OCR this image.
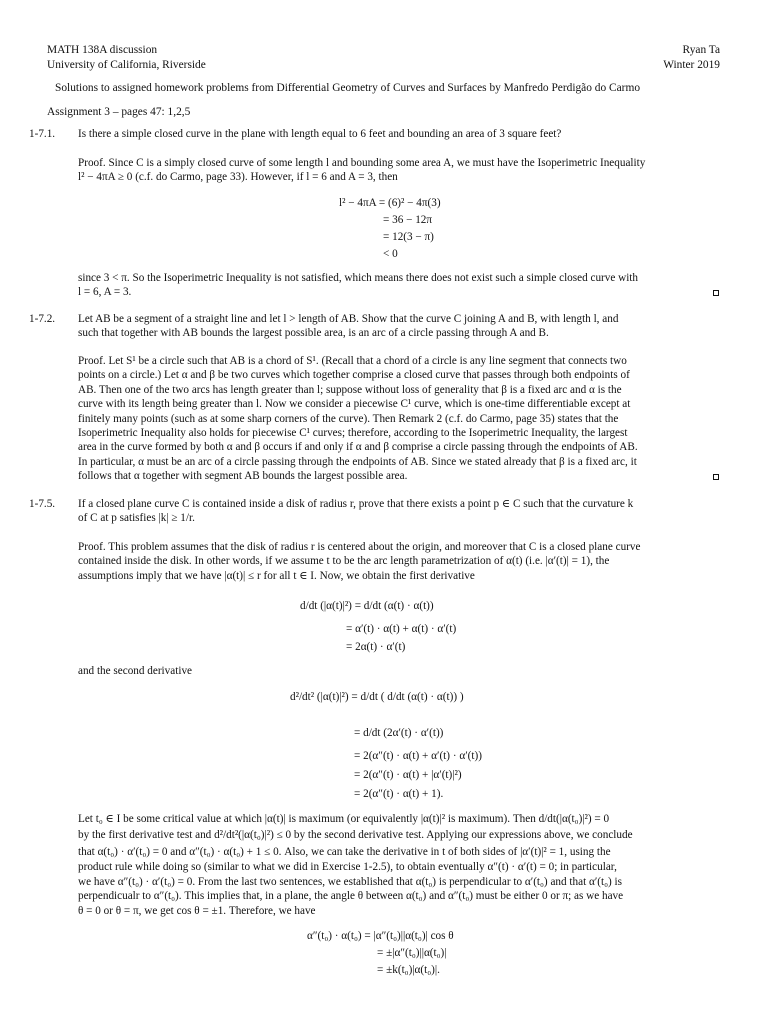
MATH 138A discussion
University of California, Riverside
Ryan Ta
Winter 2019
Solutions to assigned homework problems from Differential Geometry of Curves and Surfaces by Manfredo Perdigão do Carmo
Assignment 3 – pages 47: 1,2,5
1-7.1. Is there a simple closed curve in the plane with length equal to 6 feet and bounding an area of 3 square feet?
Proof. Since C is a simply closed curve of some length l and bounding some area A, we must have the Isoperimetric Inequality
l² − 4πA ≥ 0 (c.f. do Carmo, page 33). However, if l = 6 and A = 3, then
l² − 4πA = (6)² − 4π(3)
= 36 − 12π
= 12(3 − π)
< 0
since 3 < π. So the Isoperimetric Inequality is not satisfied, which means there does not exist such a simple closed curve with
l = 6, A = 3.
1-7.2. Let AB be a segment of a straight line and let l > length of AB. Show that the curve C joining A and B, with length l, and
such that together with AB bounds the largest possible area, is an arc of a circle passing through A and B.
Proof. Let S¹ be a circle such that AB is a chord of S¹. (Recall that a chord of a circle is any line segment that connects two
points on a circle.) Let α and β be two curves which together comprise a closed curve that passes through both endpoints of
AB. Then one of the two arcs has length greater than l; suppose without loss of generality that β is a fixed arc and α is the
curve with its length being greater than l. Now we consider a piecewise C¹ curve, which is one-time differentiable except at
finitely many points (such as at some sharp corners of the curve). Then Remark 2 (c.f. do Carmo, page 35) states that the
Isoperimetric Inequality also holds for piecewise C¹ curves; therefore, according to the Isoperimetric Inequality, the largest
area in the curve formed by both α and β occurs if and only if α and β comprise a circle passing through the endpoints of AB.
In particular, α must be an arc of a circle passing through the endpoints of AB. Since we stated already that β is a fixed arc, it
follows that α together with segment AB bounds the largest possible area.
1-7.5. If a closed plane curve C is contained inside a disk of radius r, prove that there exists a point p ∈ C such that the curvature k
of C at p satisfies |k| ≥ 1/r.
Proof. This problem assumes that the disk of radius r is centered about the origin, and moreover that C is a closed plane curve
contained inside the disk. In other words, if we assume t to be the arc length parametrization of α(t) (i.e. |α′(t)| = 1), the
assumptions imply that we have |α(t)| ≤ r for all t ∈ I. Now, we obtain the first derivative
d/dt (|α(t)|²) = d/dt (α(t) · α(t))
= α′(t) · α(t) + α(t) · α′(t)
= 2α(t) · α′(t)
and the second derivative
d²/dt² (|α(t)|²) = d/dt ( d/dt (α(t) · α(t)) )
= d/dt (2α′(t) · α′(t))
= 2(α″(t) · α(t) + α′(t) · α′(t))
= 2(α″(t) · α(t) + |α′(t)|²)
= 2(α″(t) · α(t) + 1).
Let t₀ ∈ I be some critical value at which |α(t)| is maximum (or equivalently |α(t)|² is maximum). Then d/dt(|α(t₀)|²) = 0
by the first derivative test and d²/dt²(|α(t₀)|²) ≤ 0 by the second derivative test. Applying our expressions above, we conclude
that α(t₀) · α′(t₀) = 0 and α″(t₀) · α(t₀) + 1 ≤ 0. Also, we can take the derivative in t of both sides of |α′(t)|² = 1, using the
product rule while doing so (similar to what we did in Exercise 1-2.5), to obtain eventually α″(t) · α′(t) = 0; in particular,
we have α″(t₀) · α′(t₀) = 0. From the last two sentences, we established that α(t₀) is perpendicular to α′(t₀) and that α′(t₀) is
perpendicualr to α″(t₀). This implies that, in a plane, the angle θ between α(t₀) and α″(t₀) must be either 0 or π; as we have
θ = 0 or θ = π, we get cos θ = ±1. Therefore, we have
α″(t₀) · α(t₀) = |α″(t₀)||α(t₀)| cos θ
= ±|α″(t₀)||α(t₀)|
= ±k(t₀)|α(t₀)|.
